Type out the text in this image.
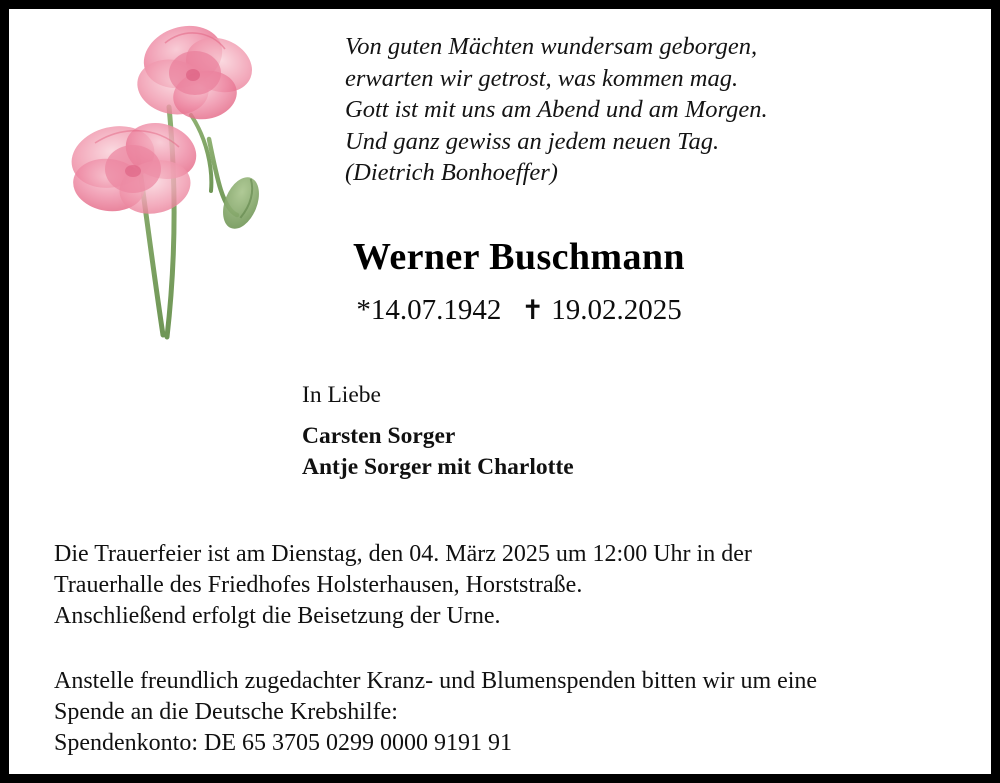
Von guten Mächten wundersam geborgen,
erwarten wir getrost, was kommen mag.
Gott ist mit uns am Abend und am Morgen.
Und ganz gewiss an jedem neuen Tag.
(Dietrich Bonhoeffer)
Werner Buschmann
*14.07.1942 ✝ 19.02.2025
In Liebe
Carsten Sorger
Antje Sorger mit Charlotte
Die Trauerfeier ist am Dienstag, den 04. März 2025 um 12:00 Uhr in der
Trauerhalle des Friedhofes Holsterhausen, Horststraße.
Anschließend erfolgt die Beisetzung der Urne.
Anstelle freundlich zugedachter Kranz- und Blumenspenden bitten wir um eine
Spende an die Deutsche Krebshilfe:
Spendenkonto: DE 65 3705 0299 0000 9191 91
